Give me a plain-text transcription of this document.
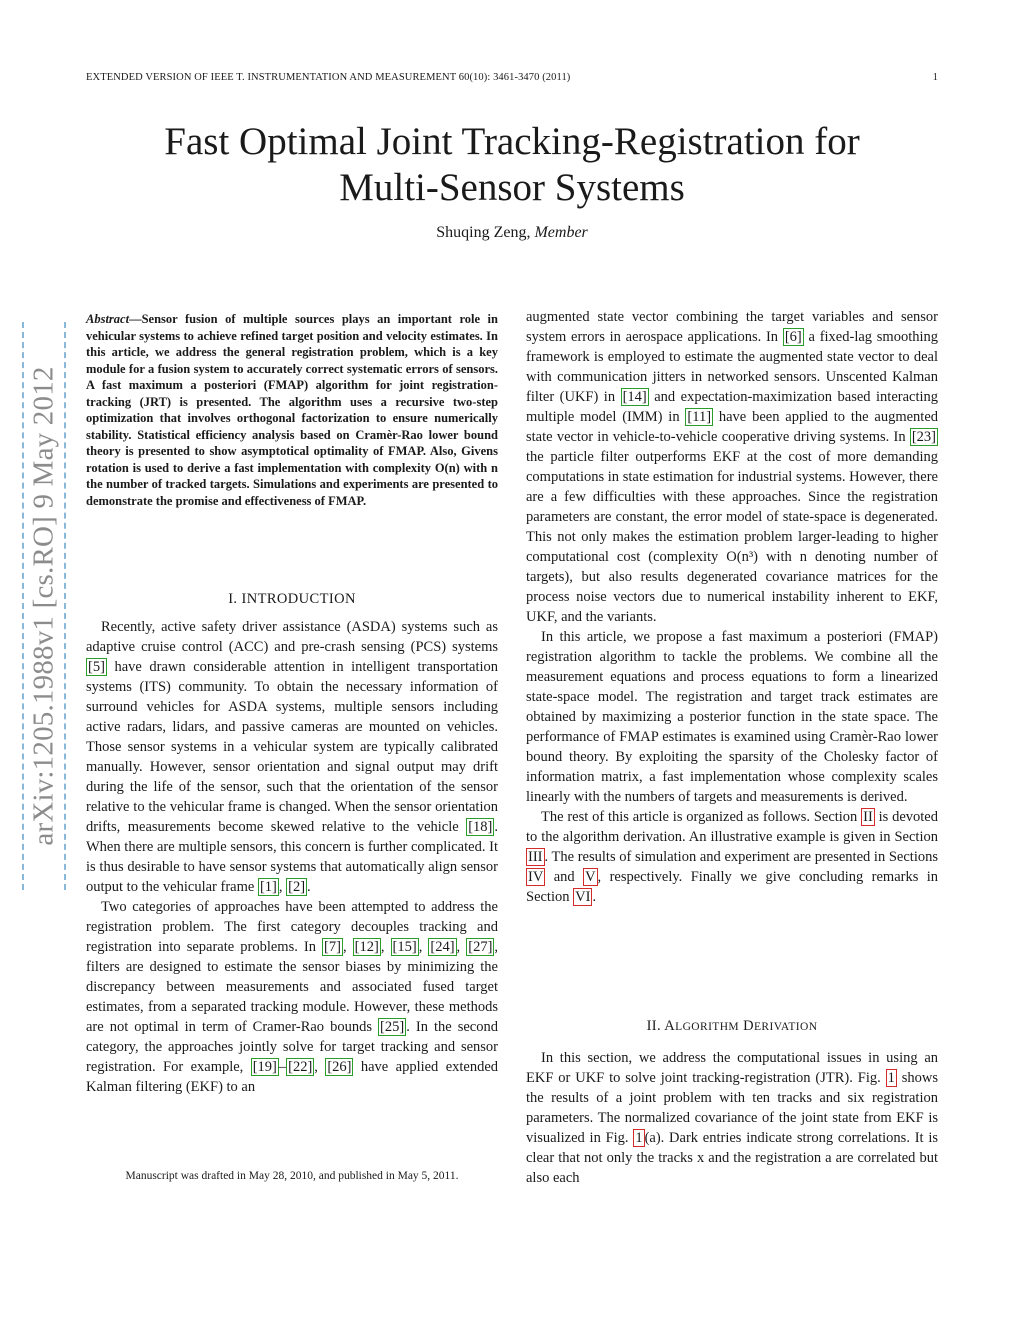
EXTENDED VERSION OF IEEE T. INSTRUMENTATION AND MEASUREMENT 60(10): 3461-3470 (2011)	1
Fast Optimal Joint Tracking-Registration for
Multi-Sensor Systems
Shuqing Zeng, Member
arXiv:1205.1988v1 [cs.RO] 9 May 2012
Abstract—Sensor fusion of multiple sources plays an important role in vehicular systems to achieve refined target position and velocity estimates. In this article, we address the general registration problem, which is a key module for a fusion system to accurately correct systematic errors of sensors. A fast maximum a posteriori (FMAP) algorithm for joint registration-tracking (JRT) is presented. The algorithm uses a recursive two-step optimization that involves orthogonal factorization to ensure numerically stability. Statistical efficiency analysis based on Cramèr-Rao lower bound theory is presented to show asymptotical optimality of FMAP. Also, Givens rotation is used to derive a fast implementation with complexity O(n) with n the number of tracked targets. Simulations and experiments are presented to demonstrate the promise and effectiveness of FMAP.
I. INTRODUCTION

Recently, active safety driver assistance (ASDA) systems such as adaptive cruise control (ACC) and pre-crash sensing (PCS) systems [5] have drawn considerable attention in intelligent transportation systems (ITS) community. To obtain the necessary information of surround vehicles for ASDA systems, multiple sensors including active radars, lidars, and passive cameras are mounted on vehicles. Those sensor systems in a vehicular system are typically calibrated manually. However, sensor orientation and signal output may drift during the life of the sensor, such that the orientation of the sensor relative to the vehicular frame is changed. When the sensor orientation drifts, measurements become skewed relative to the vehicle [18] . When there are multiple sensors, this concern is further complicated. It is thus desirable to have sensor systems that automatically align sensor output to the vehicular frame [1] , [2] .

Two categories of approaches have been attempted to address the registration problem. The first category decouples tracking and registration into separate problems. In [7] , [12] , [15] , [24] , [27] , filters are designed to estimate the sensor biases by minimizing the discrepancy between measurements and associated fused target estimates, from a separated tracking module. However, these methods are not optimal in term of Cramer-Rao bounds [25] . In the second category, the approaches jointly solve for target tracking and sensor registration. For example, [19] – [22] , [26] have applied extended Kalman filtering (EKF) to an

Manuscript was drafted in May 28, 2010, and published in May 5, 2011.

augmented state vector combining the target variables and sensor system errors in aerospace applications. In [6] a fixed-lag smoothing framework is employed to estimate the augmented state vector to deal with communication jitters in networked sensors. Unscented Kalman filter (UKF) in [14] and expectation-maximization based interacting multiple model (IMM) in [11] have been applied to the augmented state vector in vehicle-to-vehicle cooperative driving systems. In [23] the particle filter outperforms EKF at the cost of more demanding computations in state estimation for industrial systems. However, there are a few difficulties with these approaches. Since the registration parameters are constant, the error model of state-space is degenerated. This not only makes the estimation problem larger-leading to higher computational cost (complexity O(n³) with n denoting number of targets), but also results degenerated covariance matrices for the process noise vectors due to numerical instability inherent to EKF, UKF, and the variants.

In this article, we propose a fast maximum a posteriori (FMAP) registration algorithm to tackle the problems. We combine all the measurement equations and process equations to form a linearized state-space model. The registration and target track estimates are obtained by maximizing a posterior function in the state space. The performance of FMAP estimates is examined using Cramèr-Rao lower bound theory. By exploiting the sparsity of the Cholesky factor of information matrix, a fast implementation whose complexity scales linearly with the numbers of targets and measurements is derived.

The rest of this article is organized as follows. Section II is devoted to the algorithm derivation. An illustrative example is given in Section III . The results of simulation and experiment are presented in Sections IV and V , respectively. Finally we give concluding remarks in Section VI .

II. ALGORITHM DERIVATION

In this section, we address the computational issues in using an EKF or UKF to solve joint tracking-registration (JTR). Fig. 1 shows the results of a joint problem with ten tracks and six registration parameters. The normalized covariance of the joint state from EKF is visualized in Fig. 1 (a). Dark entries indicate strong correlations. It is clear that not only the tracks x and the registration a are correlated but also each
